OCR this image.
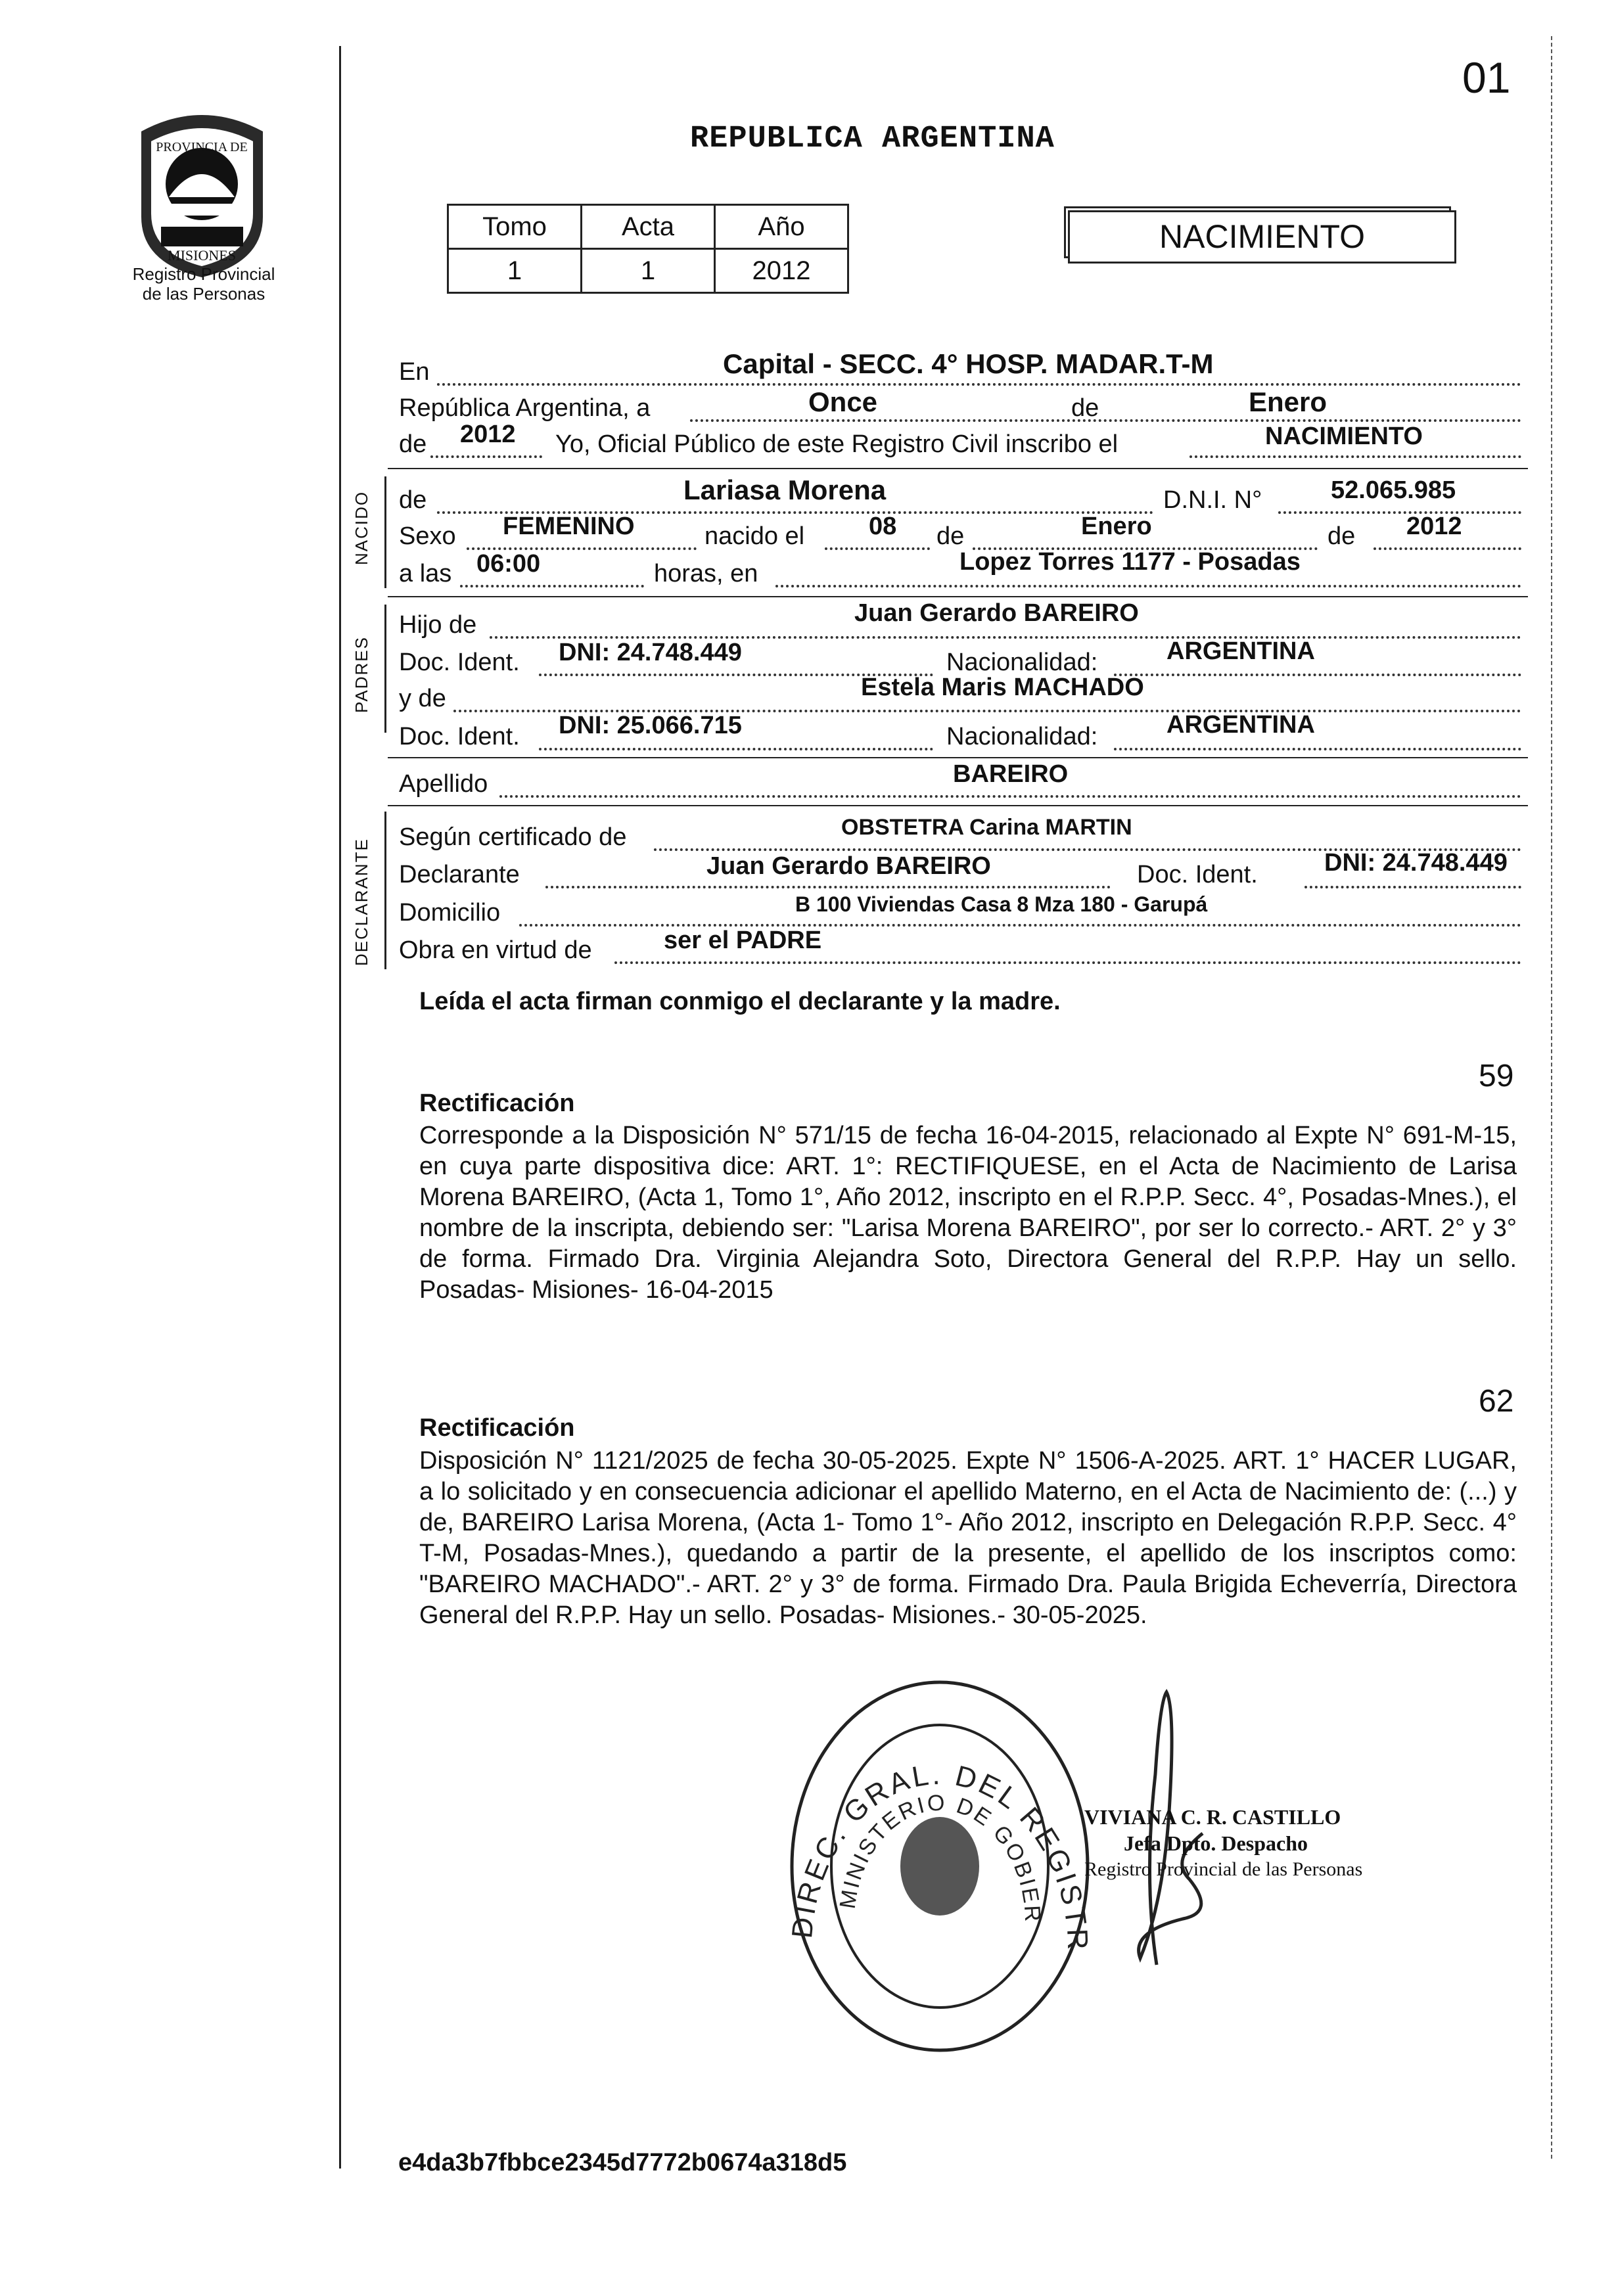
PROVINCIA DE
MISIONES
Registro Provincial
de las Personas
01
REPUBLICA ARGENTINA
Tomo	Acta	Año
1	1	2012
NACIMIENTO
En	Capital - SECC. 4° HOSP. MADAR.T-M
República Argentina, a	Once	de	Enero
de 2012 Yo, Oficial Público de este Registro Civil inscribo el	NACIMIENTO
NACIDO de	Lariasa Morena	D.N.I. N°	52.065.985
Sexo FEMENINO	nacido el	08 de	Enero	de 2012
a las 06:00	horas, en	Lopez Torres 1177 - Posadas
PADRES
Hijo de	Juan Gerardo BAREIRO
Doc. Ident. DNI: 24.748.449	Nacionalidad:	ARGENTINA
y de	Estela Maris MACHADO
Doc. Ident. DNI: 25.066.715	Nacionalidad:	ARGENTINA
Apellido	BAREIRO
DECLARANTE
Según certificado de	OBSTETRA Carina MARTIN
Declarante	Juan Gerardo BAREIRO	Doc. Ident.	DNI: 24.748.449
Domicilio	B 100 Viviendas Casa 8 Mza 180 - Garupá
Obra en virtud de	ser el PADRE
Leída el acta firman conmigo el declarante y la madre.
59
Rectificación
Corresponde a la Disposición N° 571/15 de fecha 16-04-2015, relacionado al Expte N° 691-M-15, en cuya parte dispositiva dice: ART. 1°: RECTIFIQUESE, en el Acta de Nacimiento de Larisa Morena BAREIRO, (Acta 1, Tomo 1°, Año 2012, inscripto en el R.P.P. Secc. 4°, Posadas-Mnes.), el nombre de la inscripta, debiendo ser: "Larisa Morena BAREIRO", por ser lo correcto.- ART. 2° y 3° de forma. Firmado Dra. Virginia Alejandra Soto, Directora General del R.P.P. Hay un sello. Posadas- Misiones- 16-04-2015
62
Rectificación
Disposición N° 1121/2025 de fecha 30-05-2025. Expte N° 1506-A-2025. ART. 1° HACER LUGAR, a lo solicitado y en consecuencia adicionar el apellido Materno, en el Acta de Nacimiento de: (...) y de, BAREIRO Larisa Morena, (Acta 1- Tomo 1°- Año 2012, inscripto en Delegación R.P.P. Secc. 4° T-M, Posadas-Mnes.), quedando a partir de la presente, el apellido de los inscriptos como: "BAREIRO MACHADO".- ART. 2° y 3° de forma. Firmado Dra. Paula Brigida Echeverría, Directora General del R.P.P. Hay un sello. Posadas- Misiones.- 30-05-2025.
DIREC. GRAL. DEL REGISTR
MINISTERIO DE GOBIER
VIVIANA C. R. CASTILLO
Jefa Dpto. Despacho
Registro Provincial de las Personas
e4da3b7fbbce2345d7772b0674a318d5
